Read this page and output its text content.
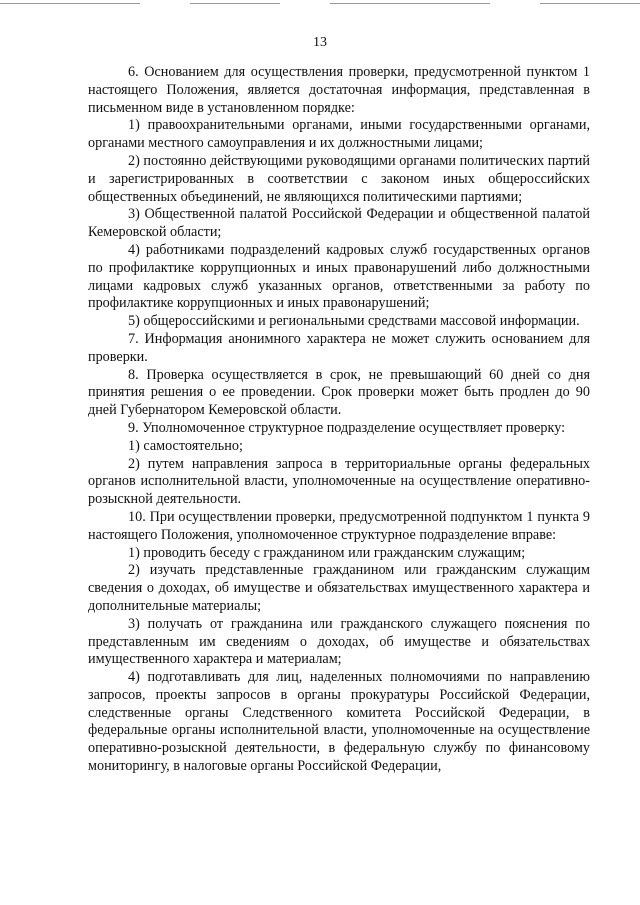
13

6. Основанием для осуществления проверки, предусмотренной пунктом 1 настоящего Положения, является достаточная информация, представленная в письменном виде в установленном порядке:

1) правоохранительными органами, иными государственными органами, органами местного самоуправления и их должностными лицами;

2) постоянно действующими руководящими органами политических партий и зарегистрированных в соответствии с законом иных общероссийских общественных объединений, не являющихся политическими партиями;

3) Общественной палатой Российской Федерации и общественной палатой Кемеровской области;

4) работниками подразделений кадровых служб государственных органов по профилактике коррупционных и иных правонарушений либо должностными лицами кадровых служб указанных органов, ответственными за работу по профилактике коррупционных и иных правонарушений;

5) общероссийскими и региональными средствами массовой информации.

7. Информация анонимного характера не может служить основанием для проверки.

8. Проверка осуществляется в срок, не превышающий 60 дней со дня принятия решения о ее проведении. Срок проверки может быть продлен до 90 дней Губернатором Кемеровской области.

9. Уполномоченное структурное подразделение осуществляет проверку:

1) самостоятельно;

2) путем направления запроса в территориальные органы федеральных органов исполнительной власти, уполномоченные на осуществление оперативно-розыскной деятельности.

10. При осуществлении проверки, предусмотренной подпунктом 1 пункта 9 настоящего Положения, уполномоченное структурное подразделение вправе:

1) проводить беседу с гражданином или гражданским служащим;

2) изучать представленные гражданином или гражданским служащим сведения о доходах, об имуществе и обязательствах имущественного характера и дополнительные материалы;

3) получать от гражданина или гражданского служащего пояснения по представленным им сведениям о доходах, об имуществе и обязательствах имущественного характера и материалам;

4) подготавливать для лиц, наделенных полномочиями по направлению запросов, проекты запросов в органы прокуратуры Российской Федерации, следственные органы Следственного комитета Российской Федерации, в федеральные органы исполнительной власти, уполномоченные на осуществление оперативно-розыскной деятельности, в федеральную службу по финансовому мониторингу, в налоговые органы Российской Федерации,
